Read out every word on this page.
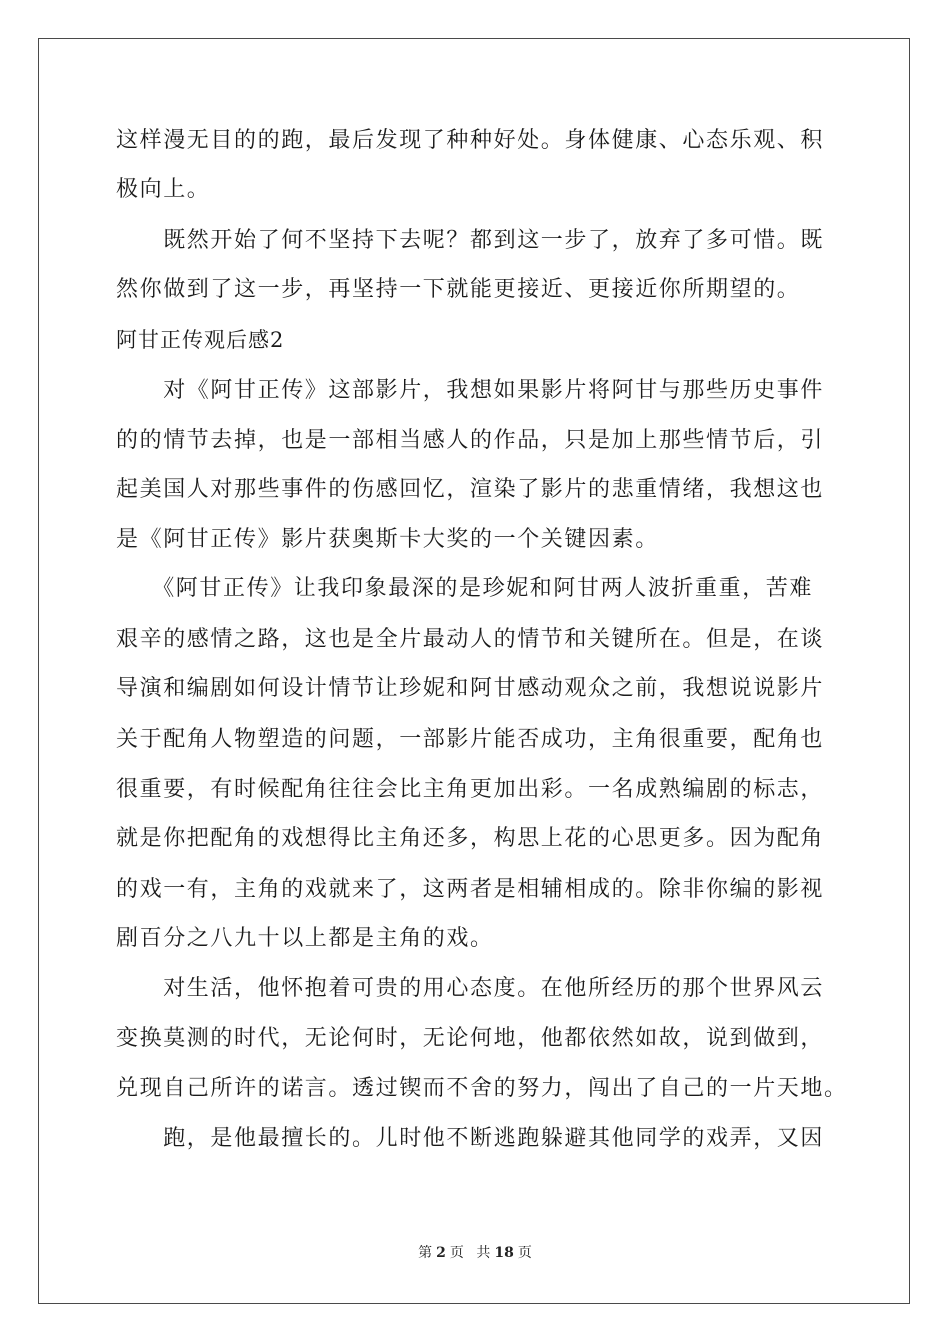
这样漫无目的的跑，最后发现了种种好处。身体健康、心态乐观、积
极向上。
　　既然开始了何不坚持下去呢？都到这一步了，放弃了多可惜。既
然你做到了这一步，再坚持一下就能更接近、更接近你所期望的。
阿甘正传观后感2
　　对《阿甘正传》这部影片，我想如果影片将阿甘与那些历史事件
的的情节去掉，也是一部相当感人的作品，只是加上那些情节后，引
起美国人对那些事件的伤感回忆，渲染了影片的悲重情绪，我想这也
是《阿甘正传》影片获奥斯卡大奖的一个关键因素。
　　《阿甘正传》让我印象最深的是珍妮和阿甘两人波折重重，苦难
艰辛的感情之路，这也是全片最动人的情节和关键所在。但是，在谈
导演和编剧如何设计情节让珍妮和阿甘感动观众之前，我想说说影片
关于配角人物塑造的问题，一部影片能否成功，主角很重要，配角也
很重要，有时候配角往往会比主角更加出彩。一名成熟编剧的标志，
就是你把配角的戏想得比主角还多，构思上花的心思更多。因为配角
的戏一有，主角的戏就来了，这两者是相辅相成的。除非你编的影视
剧百分之八九十以上都是主角的戏。
　　对生活，他怀抱着可贵的用心态度。在他所经历的那个世界风云
变换莫测的时代，无论何时，无论何地，他都依然如故，说到做到，
兑现自己所许的诺言。透过锲而不舍的努力，闯出了自己的一片天地。
　　跑，是他最擅长的。儿时他不断逃跑躲避其他同学的戏弄，又因
第 2 页 共 18 页
